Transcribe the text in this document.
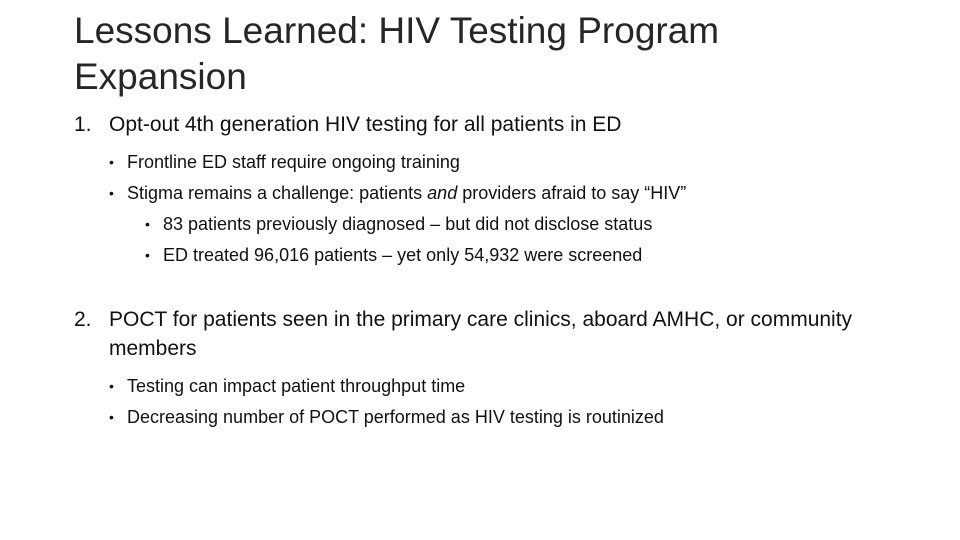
Lessons Learned: HIV Testing Program Expansion
1. Opt-out 4th generation HIV testing for all patients in ED
• Frontline ED staff require ongoing training
• Stigma remains a challenge: patients and providers afraid to say “HIV”
• 83 patients previously diagnosed – but did not disclose status
• ED treated 96,016 patients – yet only 54,932 were screened
2. POCT for patients seen in the primary care clinics, aboard AMHC, or community members
• Testing can impact patient throughput time
• Decreasing number of POCT performed as HIV testing is routinized
